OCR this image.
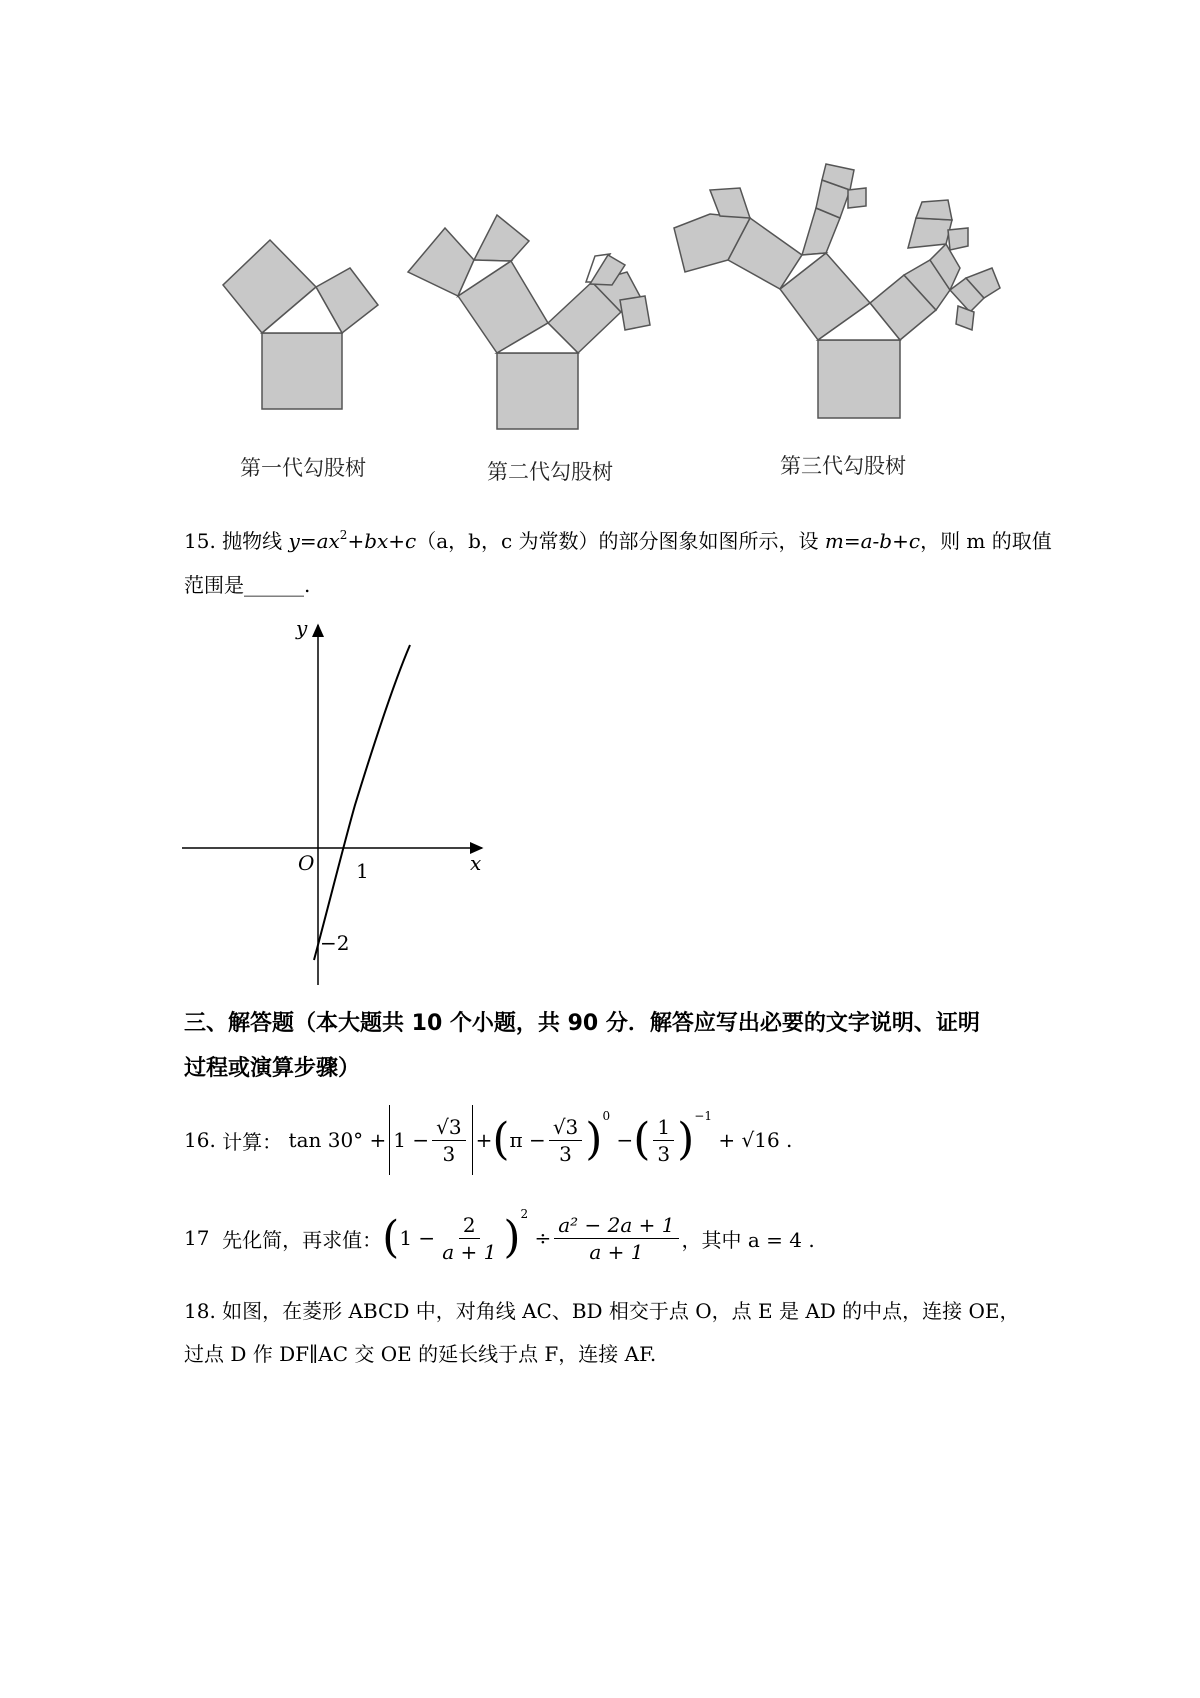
第一代勾股树	第二代勾股树	第三代勾股树
15. 抛物线 $y=ax^2+bx+c(a$，b，c 为常数）的部分图象如图所示，设 m=a-b+c，则 m 的取值
范围是______.
y
x
O 1
−2
三、解答题（本大题共 10 个小题，共 90 分．解答应写出必要的文字说明、证明
过程或演算步骤）
16.
计算：
$\tan 30^\circ + 1 - \frac{√3}{3}$ + ( $\pi - \frac{√3}{3}$ ) 0

− ( $\frac{1}{3}$ ) −1

+
√16
.
17
先化简，再求值： ( $1 - \frac{2}{a + 1}$ ) 2

÷ $\frac{\text{a² − 2a + 1}}{a + 1}$ ，其中 a = 4 .
18. 如图，在菱形 ABCD 中，对角线 AC、BD 相交于点 O，点 E 是 AD 的中点，连接 OE，
过点 D 作 DF∥AC 交 OE 的延长线于点 F，连接 AF.
